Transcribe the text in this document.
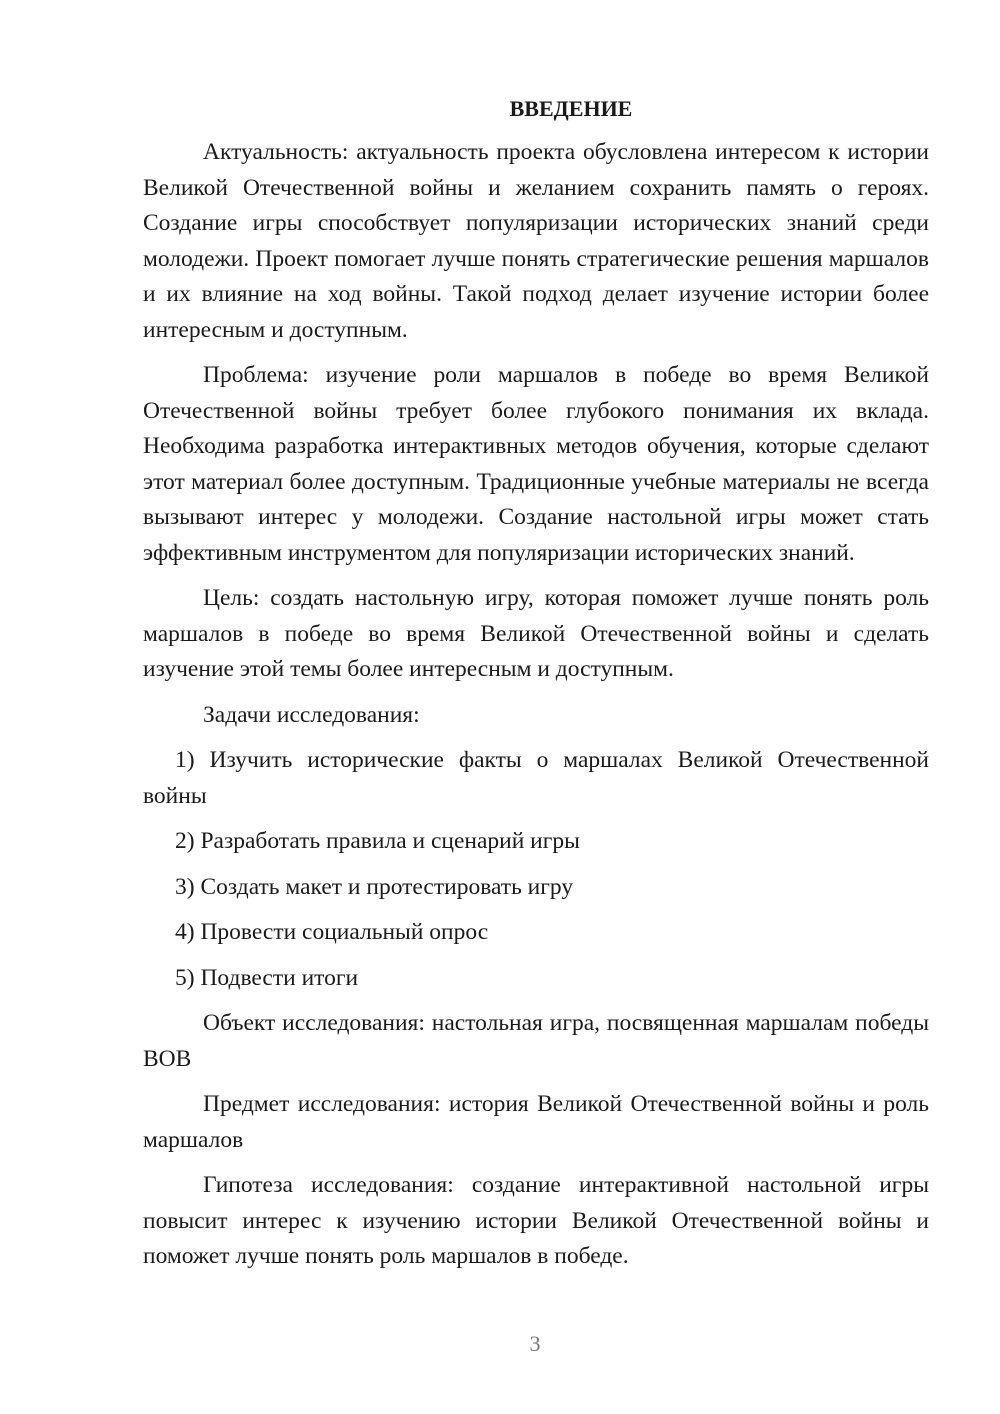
ВВЕДЕНИЕ

Актуальность: актуальность проекта обусловлена интересом к истории Великой Отечественной войны и желанием сохранить память о героях. Создание игры способствует популяризации исторических знаний среди молодежи. Проект помогает лучше понять стратегические решения маршалов и их влияние на ход войны. Такой подход делает изучение истории более интересным и доступным.

Проблема: изучение роли маршалов в победе во время Великой Отечественной войны требует более глубокого понимания их вклада. Необходима разработка интерактивных методов обучения, которые сделают этот материал более доступным. Традиционные учебные материалы не всегда вызывают интерес у молодежи. Создание настольной игры может стать эффективным инструментом для популяризации исторических знаний.

Цель: создать настольную игру, которая поможет лучше понять роль маршалов в победе во время Великой Отечественной войны и сделать изучение этой темы более интересным и доступным.

Задачи исследования:

1) Изучить исторические факты о маршалах Великой Отечественной войны

2) Разработать правила и сценарий игры

3) Создать макет и протестировать игру

4) Провести социальный опрос

5) Подвести итоги

Объект исследования: настольная игра, посвященная маршалам победы ВОВ

Предмет исследования: история Великой Отечественной войны и роль маршалов

Гипотеза исследования: создание интерактивной настольной игры повысит интерес к изучению истории Великой Отечественной войны и поможет лучше понять роль маршалов в победе.

3
